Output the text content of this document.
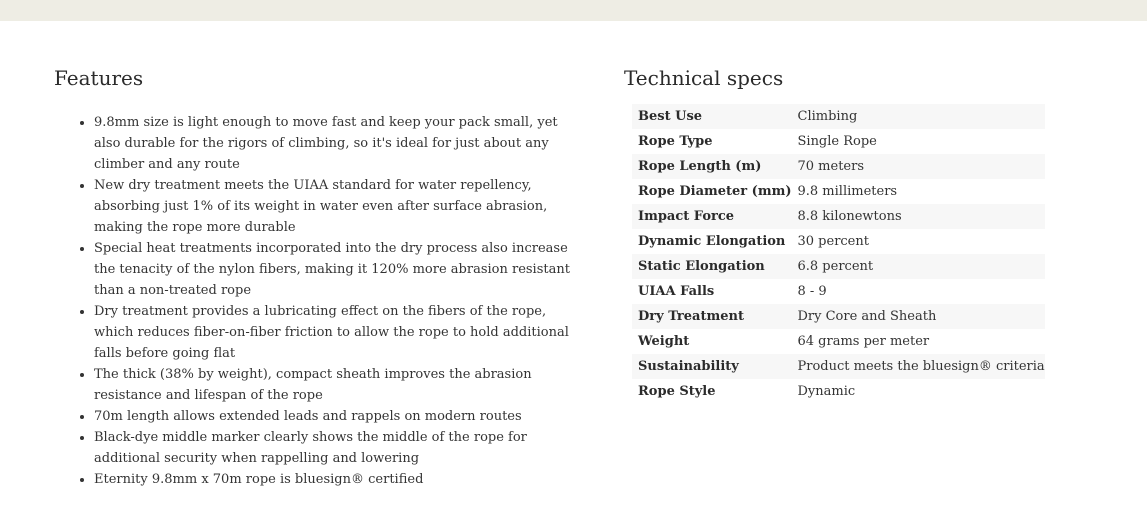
Features
• 9.8mm size is light enough to move fast and keep your pack small, yet also durable for the rigors of climbing, so it's ideal for just about any climber and any route
• New dry treatment meets the UIAA standard for water repellency, absorbing just 1% of its weight in water even after surface abrasion, making the rope more durable
• Special heat treatments incorporated into the dry process also increase the tenacity of the nylon fibers, making it 120% more abrasion resistant than a non-treated rope
• Dry treatment provides a lubricating effect on the fibers of the rope, which reduces fiber-on-fiber friction to allow the rope to hold additional falls before going flat
• The thick (38% by weight), compact sheath improves the abrasion resistance and lifespan of the rope
• 70m length allows extended leads and rappels on modern routes
• Black-dye middle marker clearly shows the middle of the rope for additional security when rappelling and lowering
• Eternity 9.8mm x 70m rope is bluesign® certified
Technical specs
Best Use	Climbing
Rope Type	Single Rope
Rope Length (m)	70 meters
Rope Diameter (mm)	9.8 millimeters
Impact Force	8.8 kilonewtons
Dynamic Elongation	30 percent
Static Elongation	6.8 percent
UIAA Falls	8 - 9
Dry Treatment	Dry Core and Sheath
Weight	64 grams per meter
Sustainability	Product meets the bluesign® criteria
Rope Style	Dynamic
